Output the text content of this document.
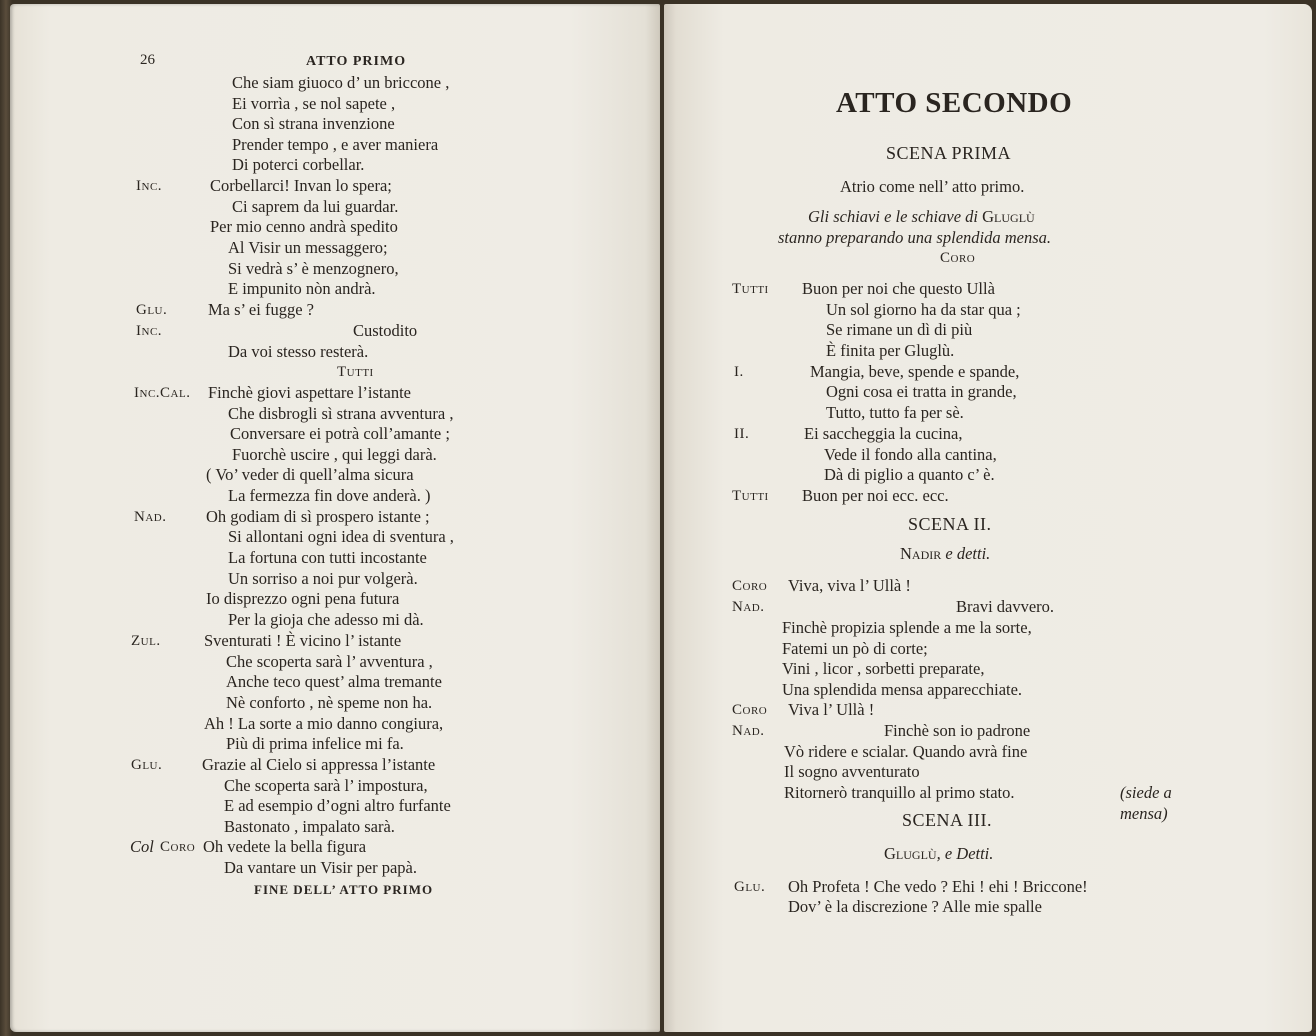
26	ATTO PRIMO
Che siam giuoco d’ un briccone ,
Ei vorrìa , se nol sapete ,
Con sì strana invenzione
Prender tempo , e aver maniera
Di poterci corbellar.
Inc.	Corbellarci! Invan lo spera;
Ci saprem da lui guardar.
Per mio cenno andrà spedito
Al Visir un messaggero;
Si vedrà s’ è menzognero,
E impunito nòn andrà.
Glu. Ma s’ ei fugge ?
Inc.	Custodito
Da voi stesso resterà.
Tutti
Inc.Cal. Finchè giovi aspettare l’istante
Che disbrogli sì strana avventura ,
Conversare ei potrà coll’amante ;
Fuorchè uscire , qui leggi darà.
( Vo’ veder di quell’alma sicura
La fermezza fin dove anderà. )
Nad. Oh godiam di sì prospero istante ;
Si allontani ogni idea di sventura ,
La fortuna con tutti incostante
Un sorriso a noi pur volgerà.
Io disprezzo ogni pena futura
Per la gioja che adesso mi dà.
Zul.	Sventurati ! È vicino l’ istante
Che scoperta sarà l’ avventura ,
Anche teco quest’ alma tremante
Nè conforto , nè speme non ha.
Ah ! La sorte a mio danno congiura,
Più di prima infelice mi fa.
Glu. Grazie al Cielo si appressa l’istante
Che scoperta sarà l’ impostura,
E ad esempio d’ogni altro furfante
Bastonato , impalato sarà.
Col Coro Oh vedete la bella figura
Da vantare un Visir per papà.
FINE DELL’ ATTO PRIMO
ATTO SECONDO
SCENA PRIMA
Atrio come nell’ atto primo.
Gli schiavi e le schiave di Gluglù
stanno preparando una splendida mensa.
Coro
Tutti Buon per noi che questo Ullà
Un sol giorno ha da star qua ;
Se rimane un dì di più
È finita per Gluglù.
I.	Mangia, beve, spende e spande,
Ogni cosa ei tratta in grande,
Tutto, tutto fa per sè.
II.	Ei saccheggia la cucina,
Vede il fondo alla cantina,
Dà di piglio a quanto c’ è.
Tutti Buon per noi ecc. ecc.
SCENA II.
Nadir e detti.
Coro Viva, viva l’ Ullà !
Nad.	Bravi davvero.
Finchè propizia splende a me la sorte,
Fatemi un pò di corte;
Vini , licor , sorbetti preparate,
Una splendida mensa apparecchiate.
Coro Viva l’ Ullà !
Nad.	Finchè son io padrone
Vò ridere e scialar. Quando avrà fine
Il sogno avventurato
Ritornerò tranquillo al primo stato.	(siede a
mensa)
SCENA III.
Gluglù, e Detti.
Glu. Oh Profeta ! Che vedo ? Ehi ! ehi ! Briccone!
Dov’ è la discrezione ? Alle mie spalle
